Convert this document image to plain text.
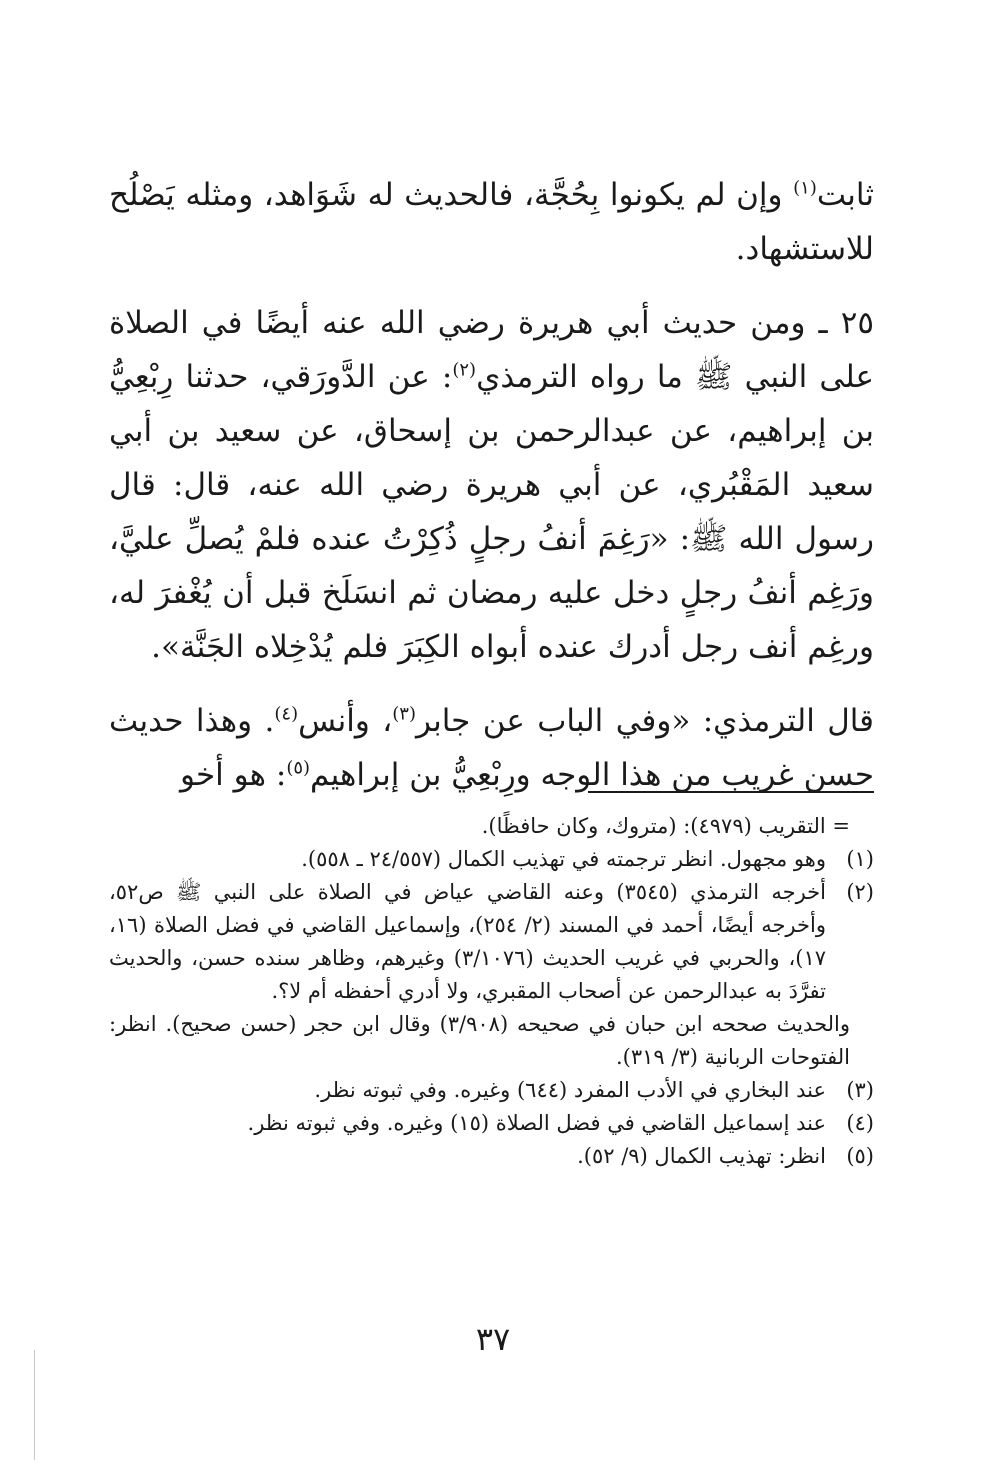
ثابت$^{(١)}$ وإن لم يكونوا بِحُجَّة، فالحديث له شَوَاهد، ومثله يَصْلُح للاستشهاد.

٢٥ ـ ومن حديث أبي هريرة رضي الله عنه أيضًا في الصلاة على النبي ﷺ ما رواه الترمذي$^{(٢)}$: عن الدَّورَقي، حدثنا رِبْعِيُّ بن إبراهيم، عن عبدالرحمن بن إسحاق، عن سعيد بن أبي سعيد المَقْبُري، عن أبي هريرة رضي الله عنه، قال: قال رسول الله ﷺ: «رَغِمَ أنفُ رجلٍ ذُكِرْتُ عنده فلمْ يُصلِّ عليَّ، ورَغِم أنفُ رجلٍ دخل عليه رمضان ثم انسَلَخ قبل أن يُغْفرَ له، ورغِم أنف رجل أدرك عنده أبواه الكِبَرَ فلم يُدْخِلاه الجَنَّة».

قال الترمذي: «وفي الباب عن جابر$^{(٣)}$، وأنس$^{(٤)}$. وهذا حديث حسن غريب من هذا الوجه ورِبْعِيُّ بن إبراهيم$^{(٥)}$: هو أخو

= التقريب (٤٩٧٩): (متروك، وكان حافظًا).

(١)
وهو مجهول. انظر ترجمته في تهذيب الكمال (٢٤/٥٥٧ ـ ٥٥٨).
(٢)
أخرجه الترمذي (٣٥٤٥) وعنه القاضي عياض في الصلاة على النبي ﷺ ص٥٢، وأخرجه أيضًا، أحمد في المسند (٢/ ٢٥٤)، وإسماعيل القاضي في فضل الصلاة (١٦، ١٧)، والحربي في غريب الحديث (٣/١٠٧٦) وغيرهم، وظاهر سنده حسن، والحديث تفرَّدَ به عبدالرحمن عن أصحاب المقبري، ولا أدري أحفظه أم لا؟.

والحديث صححه ابن حبان في صحيحه (٣/٩٠٨) وقال ابن حجر (حسن صحيح). انظر: الفتوحات الربانية (٣/ ٣١٩).

(٣)
عند البخاري في الأدب المفرد (٦٤٤) وغيره. وفي ثبوته نظر.
(٤)
عند إسماعيل القاضي في فضل الصلاة (١٥) وغيره. وفي ثبوته نظر.
(٥)
انظر: تهذيب الكمال (٩/ ٥٢).
٣٧
